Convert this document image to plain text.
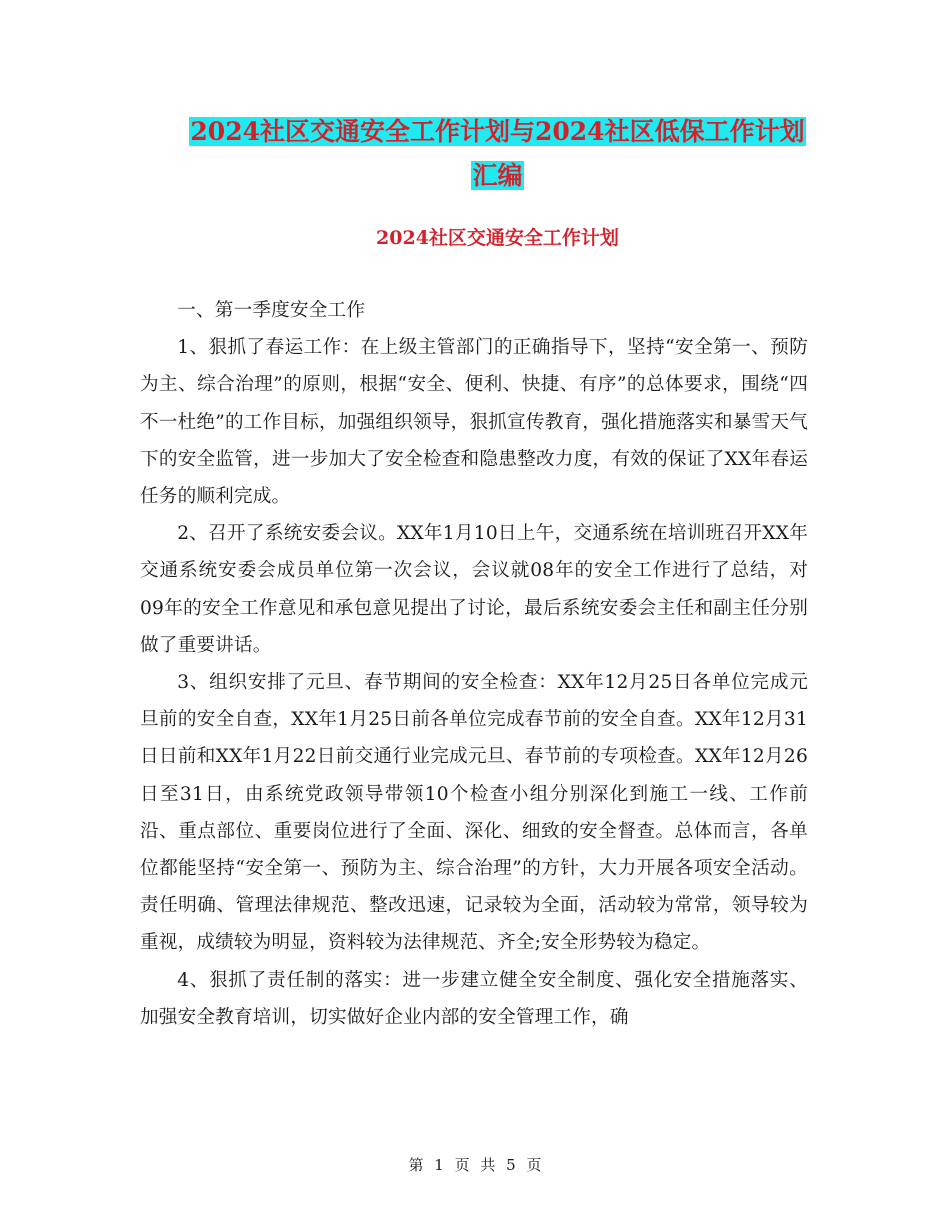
2024社区交通安全工作计划与2024社区低保工作计划
汇编
2024社区交通安全工作计划

一、第一季度安全工作

1、狠抓了春运工作：在上级主管部门的正确指导下，坚持“安全第一、预防为主、综合治理”的原则，根据“安全、便利、快捷、有序”的总体要求，围绕“四不一杜绝”的工作目标，加强组织领导，狠抓宣传教育，强化措施落实和暴雪天气下的安全监管，进一步加大了安全检查和隐患整改力度，有效的保证了XX年春运任务的顺利完成。

2、召开了系统安委会议。XX年1月10日上午，交通系统在培训班召开XX年交通系统安委会成员单位第一次会议，会议就08年的安全工作进行了总结，对09年的安全工作意见和承包意见提出了讨论，最后系统安委会主任和副主任分别做了重要讲话。

3、组织安排了元旦、春节期间的安全检查：XX年12月25日各单位完成元旦前的安全自查，XX年1月25日前各单位完成春节前的安全自查。XX年12月31日日前和XX年1月22日前交通行业完成元旦、春节前的专项检查。XX年12月26日至31日，由系统党政领导带领10个检查小组分别深化到施工一线、工作前沿、重点部位、重要岗位进行了全面、深化、细致的安全督查。总体而言，各单位都能坚持“安全第一、预防为主、综合治理”的方针，大力开展各项安全活动。责任明确、管理法律规范、整改迅速，记录较为全面，活动较为常常，领导较为重视，成绩较为明显，资料较为法律规范、齐全;安全形势较为稳定。

4、狠抓了责任制的落实：进一步建立健全安全制度、强化安全措施落实、加强安全教育培训，切实做好企业内部的安全管理工作，确

第 1 页 共 5 页
